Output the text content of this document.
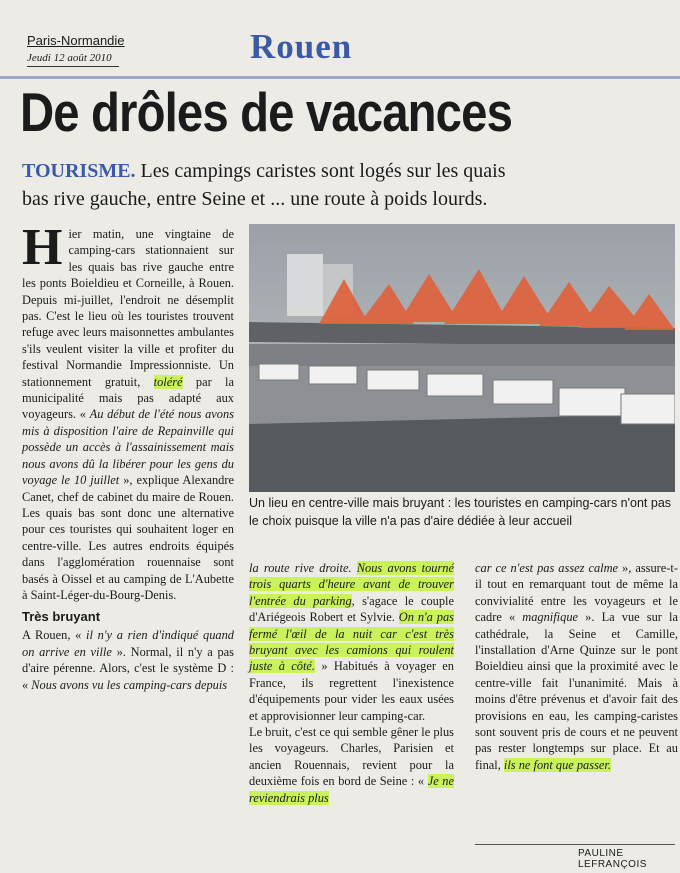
Paris-Normandie
Jeudi 12 août 2010	Rouen
De drôles de vacances
TOURISME. Les campings caristes sont logés sur les quais
bas rive gauche, entre Seine et ... une route à poids lourds.
Un lieu en centre-ville mais bruyant : les touristes en camping-cars n'ont pas le choix puisque la ville n'a pas d'aire dédiée à leur accueil

Hier matin, une vingtaine de camping-cars stationnaient sur les quais bas rive gauche entre les ponts Boieldieu et Corneille, à Rouen. Depuis mi-juillet, l'endroit ne désemplit pas. C'est le lieu où les touristes trouvent refuge avec leurs maisonnettes ambulantes s'ils veulent visiter la ville et profiter du festival Normandie Impressionniste. Un stationnement gratuit, toléré par la municipalité mais pas adapté aux voyageurs. « Au début de l'été nous avons mis à disposition l'aire de Repainville qui possède un accès à l'assainissement mais nous avons dû la libérer pour les gens du voyage le 10 juillet », explique Alexandre Canet, chef de cabinet du maire de Rouen. Les quais bas sont donc une alternative pour ces touristes qui souhaitent loger en centre-ville. Les autres endroits équipés dans l'agglomération rouennaise sont basés à Oissel et au camping de L'Aubette à Saint-Léger-du-Bourg-Denis.

Très bruyant

A Rouen, « il n'y a rien d'indiqué quand on arrive en ville ». Normal, il n'y a pas d'aire pérenne. Alors, c'est le système D : « Nous avons vu les camping-cars depuis

la route rive droite. Nous avons tourné trois quarts d'heure avant de trouver l'entrée du parking, s'agace le couple d'Ariégeois Robert et Sylvie. On n'a pas fermé l'œil de la nuit car c'est très bruyant avec les camions qui roulent juste à côté. » Habitués à voyager en France, ils regrettent l'inexistence d'équipements pour vider les eaux usées et approvisionner leur camping-car.

Le bruit, c'est ce qui semble gêner le plus les voyageurs. Charles, Parisien et ancien Rouennais, revient pour la deuxième fois en bord de Seine : « Je ne reviendrais plus

car ce n'est pas assez calme », assure-t-il tout en remarquant tout de même la convivialité entre les voyageurs et le cadre « magnifique ». La vue sur la cathédrale, la Seine et Camille, l'installation d'Arne Quinze sur le pont Boieldieu ainsi que la proximité avec le centre-ville fait l'unanimité. Mais à moins d'être prévenus et d'avoir fait des provisions en eau, les camping-caristes sont souvent pris de cours et ne peuvent pas rester longtemps sur place. Et au final, ils ne font que passer.

PAULINE LEFRANÇOIS
